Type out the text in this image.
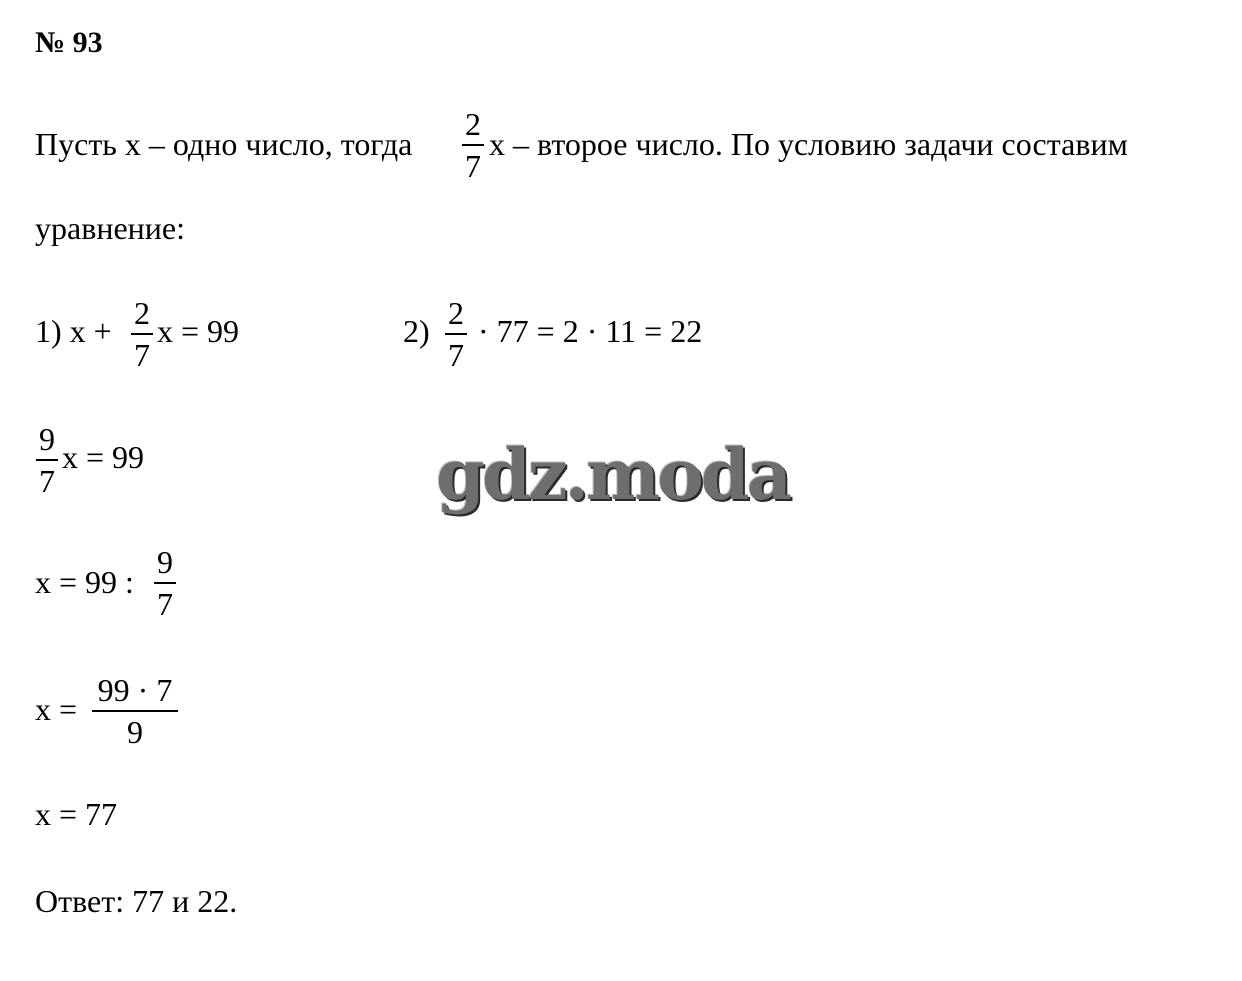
№ 93
Пусть х – одно число, тогда
2
7
х – второе число. По условию задачи составим
уравнение:
1) х + 2
7
х = 99	2) 2
7
· 77 = 2 · 11 = 22
9
7
х = 99	gdz.moda
х = 99 :
9
7
х =
99 · 7
9
х = 77
Ответ: 77 и 22.
